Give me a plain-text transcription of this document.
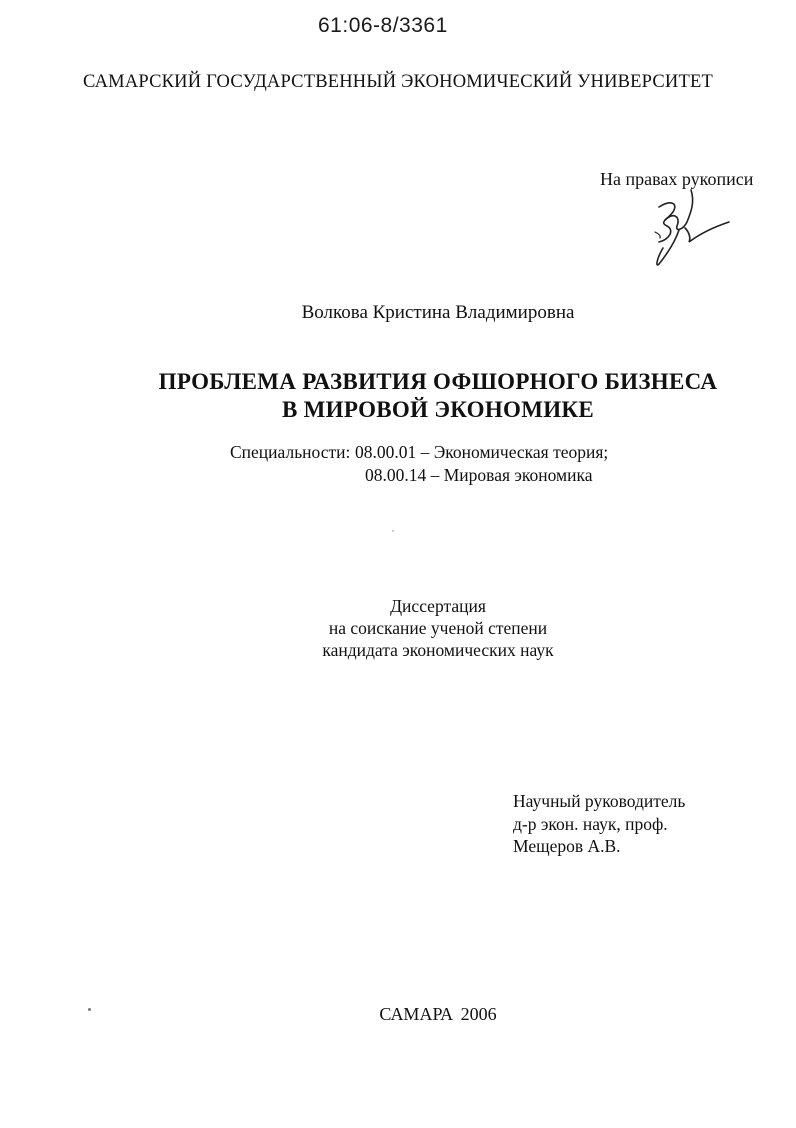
61:06-8/3361
САМАРСКИЙ ГОСУДАРСТВЕННЫЙ ЭКОНОМИЧЕСКИЙ УНИВЕРСИТЕТ
На правах рукописи
Волкова Кристина Владимировна
ПРОБЛЕМА РАЗВИТИЯ ОФШОРНОГО БИЗНЕСА
В МИРОВОЙ ЭКОНОМИКЕ
Специальности: 08.00.01 – Экономическая теория;
08.00.14 – Мировая экономика
Диссертация
на соискание ученой степени
кандидата экономических наук
Научный руководитель
д-р экон. наук, проф.
Мещеров А.В.
САМАРА 2006
